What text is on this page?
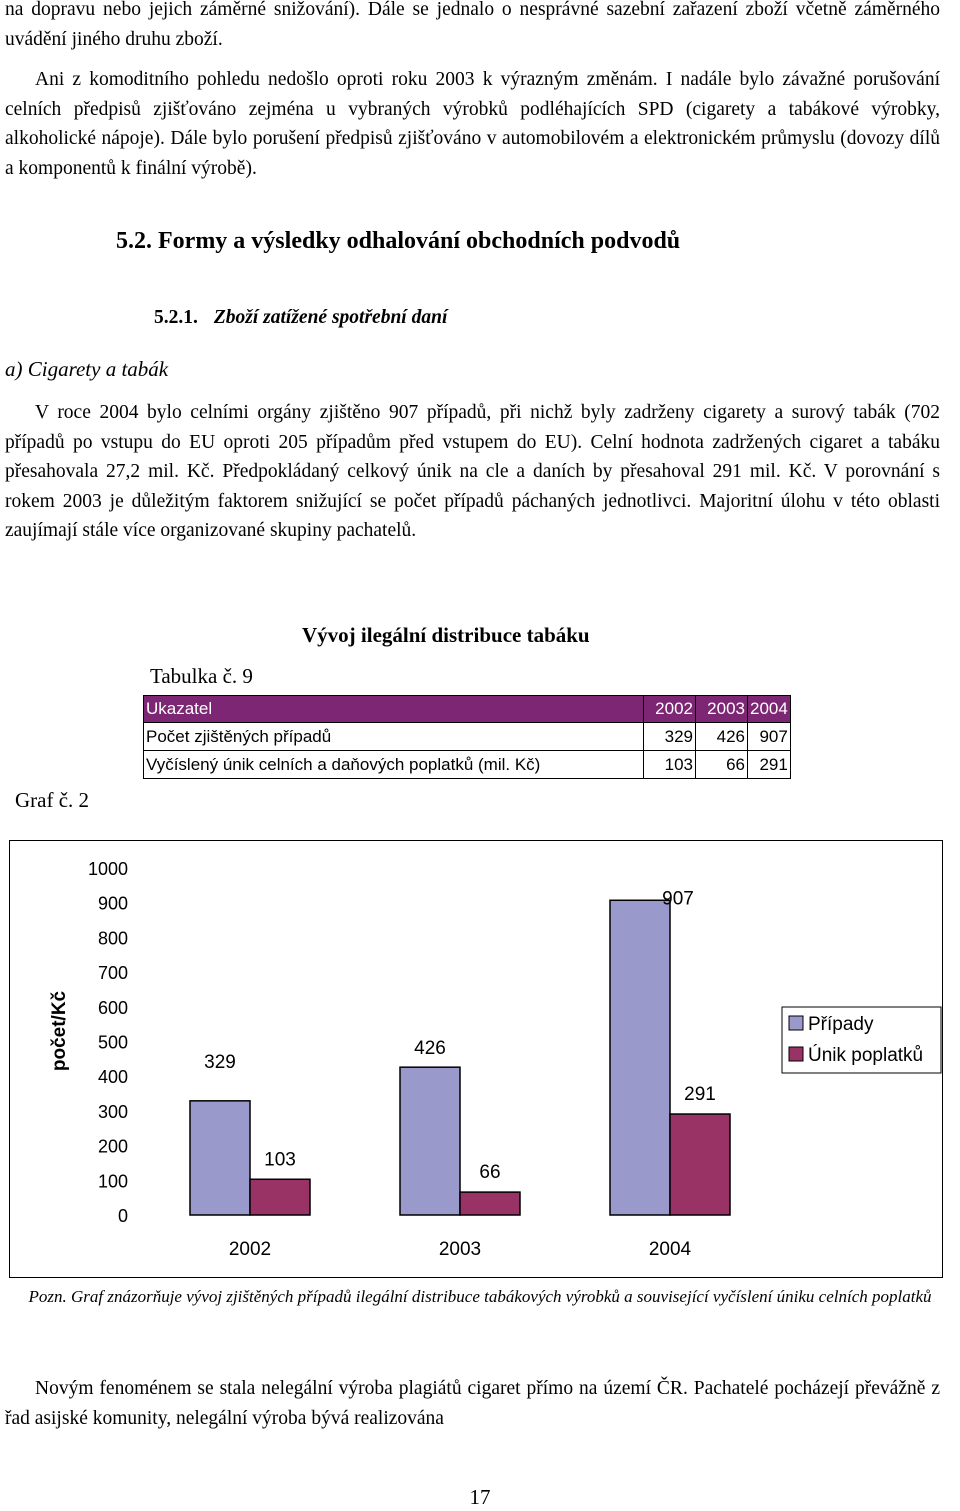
na dopravu nebo jejich záměrné snižování). Dále se jednalo o nesprávné sazební zařazení zboží včetně záměrného uvádění jiného druhu zboží.

Ani z komoditního pohledu nedošlo oproti roku 2003 k výrazným změnám. I nadále bylo závažné porušování celních předpisů zjišťováno zejména u vybraných výrobků podléhajících SPD (cigarety a tabákové výrobky, alkoholické nápoje). Dále bylo porušení předpisů zjišťováno v automobilovém a elektronickém průmyslu (dovozy dílů a komponentů k finální výrobě).

5.2. Formy a výsledky odhalování obchodních podvodů
5.2.1. Zboží zatížené spotřební daní
a) Cigarety a tabák

V roce 2004 bylo celními orgány zjištěno 907 případů, při nichž byly zadrženy cigarety a surový tabák (702 případů po vstupu do EU oproti 205 případům před vstupem do EU). Celní hodnota zadržených cigaret a tabáku přesahovala 27,2 mil. Kč. Předpokládaný celkový únik na cle a daních by přesahoval 291 mil. Kč. V porovnání s rokem 2003 je důležitým faktorem snižující se počet případů páchaných jednotlivci. Majoritní úlohu v této oblasti zaujímají stále více organizované skupiny pachatelů.

Vývoj ilegální distribuce tabáku
Tabulka č. 9
Ukazatel	2002	2003	2004
Počet zjištěných případů	329	426	907
Vyčíslený únik celních a daňových poplatků (mil. Kč)	103	66	291
Graf č. 2
počet/Kč
0
100
200
300
400
500
600
700
800
900
1000
329
426
907
103
66
291
2002	2003	2004
Případy
Únik poplatků
Pozn. Graf znázorňuje vývoj zjištěných případů ilegální distribuce tabákových výrobků a související vyčíslení úniku celních poplatků

Novým fenoménem se stala nelegální výroba plagiátů cigaret přímo na území ČR. Pachatelé pocházejí převážně z řad asijské komunity, nelegální výroba bývá realizována

17
